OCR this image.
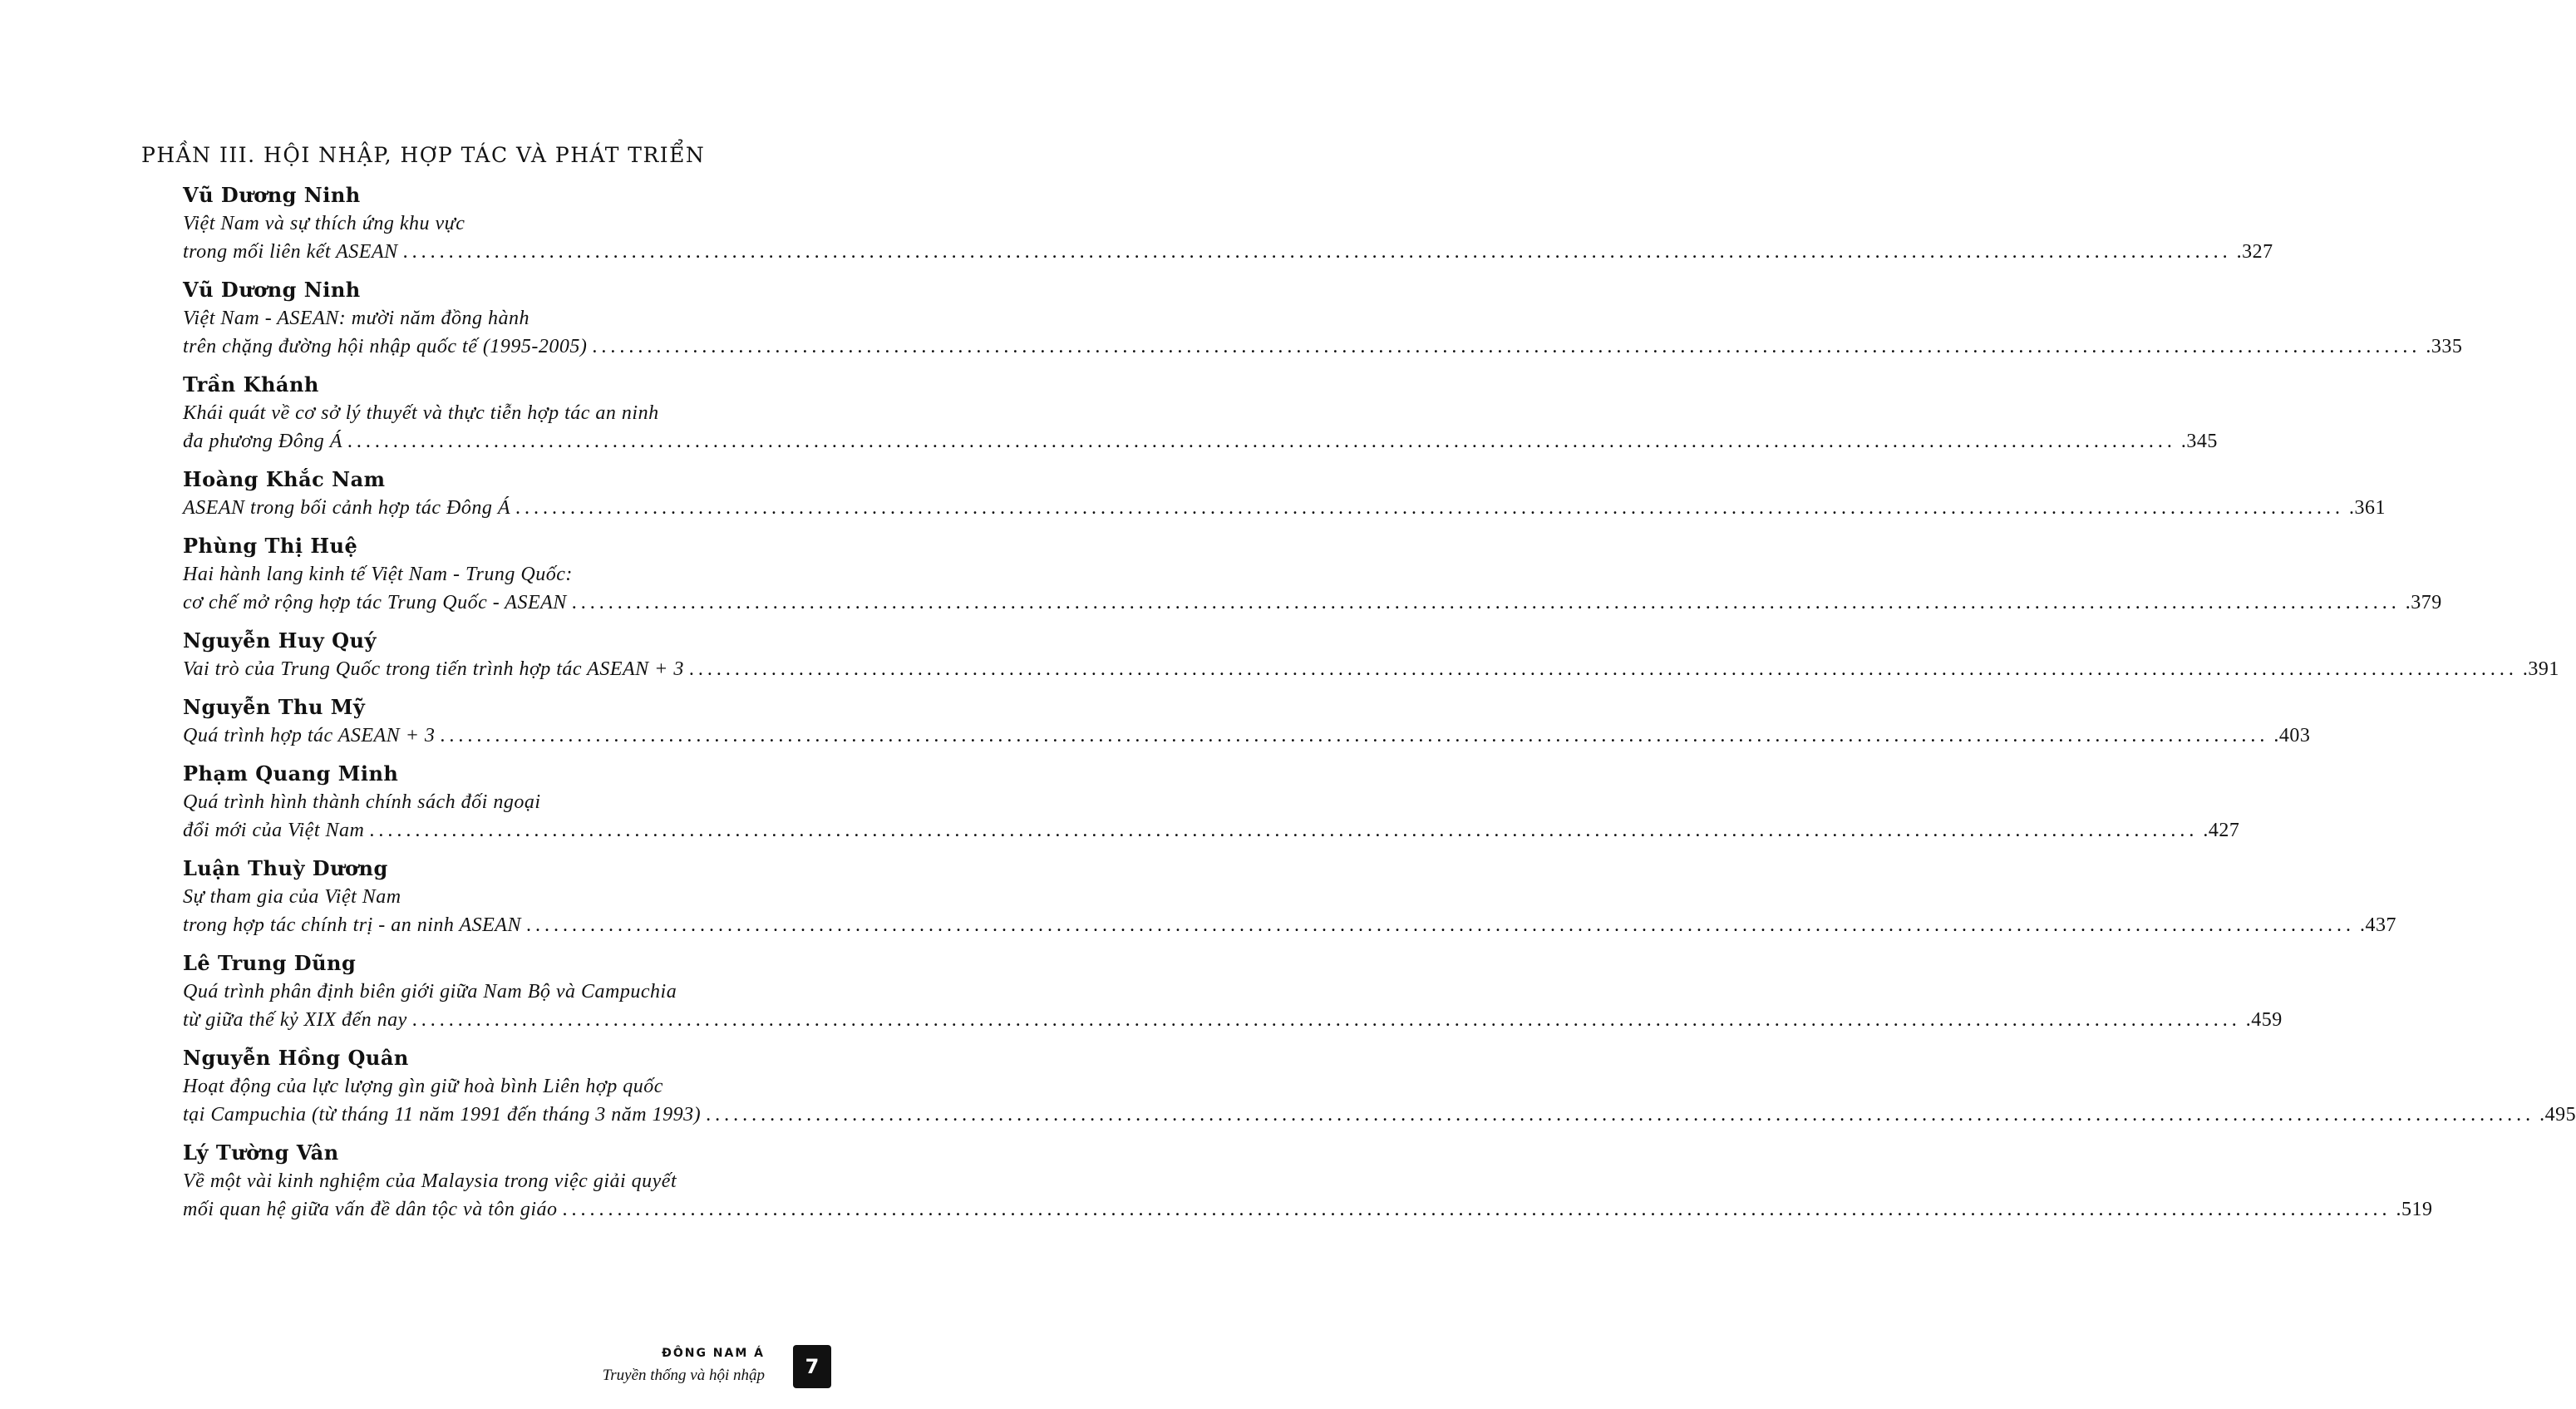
PHẦN III. HỘI NHẬP, HỢP TÁC VÀ PHÁT TRIỂN
Vũ Dương Ninh
Việt Nam và sự thích ứng khu vực
trong mối liên kết ASEAN ........................................................................................................................................................................................................ .327
Vũ Dương Ninh
Việt Nam - ASEAN: mười năm đồng hành
trên chặng đường hội nhập quốc tế (1995-2005) ........................................................................................................................................................................................................ .335
Trần Khánh
Khái quát về cơ sở lý thuyết và thực tiễn hợp tác an ninh
đa phương Đông Á ........................................................................................................................................................................................................ .345
Hoàng Khắc Nam
ASEAN trong bối cảnh hợp tác Đông Á ........................................................................................................................................................................................................ .361
Phùng Thị Huệ
Hai hành lang kinh tế Việt Nam - Trung Quốc:
cơ chế mở rộng hợp tác Trung Quốc - ASEAN ........................................................................................................................................................................................................ .379
Nguyễn Huy Quý
Vai trò của Trung Quốc trong tiến trình hợp tác ASEAN + 3 ........................................................................................................................................................................................................ .391
Nguyễn Thu Mỹ
Quá trình hợp tác ASEAN + 3 ........................................................................................................................................................................................................ .403
Phạm Quang Minh
Quá trình hình thành chính sách đối ngoại
đổi mới của Việt Nam ........................................................................................................................................................................................................ .427
Luận Thuỳ Dương
Sự tham gia của Việt Nam
trong hợp tác chính trị - an ninh ASEAN ........................................................................................................................................................................................................ .437
Lê Trung Dũng
Quá trình phân định biên giới giữa Nam Bộ và Campuchia
từ giữa thế kỷ XIX đến nay ........................................................................................................................................................................................................ .459
Nguyễn Hồng Quân
Hoạt động của lực lượng gìn giữ hoà bình Liên hợp quốc
tại Campuchia (từ tháng 11 năm 1991 đến tháng 3 năm 1993) ........................................................................................................................................................................................................ .495
Lý Tường Vân
Về một vài kinh nghiệm của Malaysia trong việc giải quyết
mối quan hệ giữa vấn đề dân tộc và tôn giáo ........................................................................................................................................................................................................ .519
ĐÔNG NAM Á
Truyền thống và hội nhập	7
